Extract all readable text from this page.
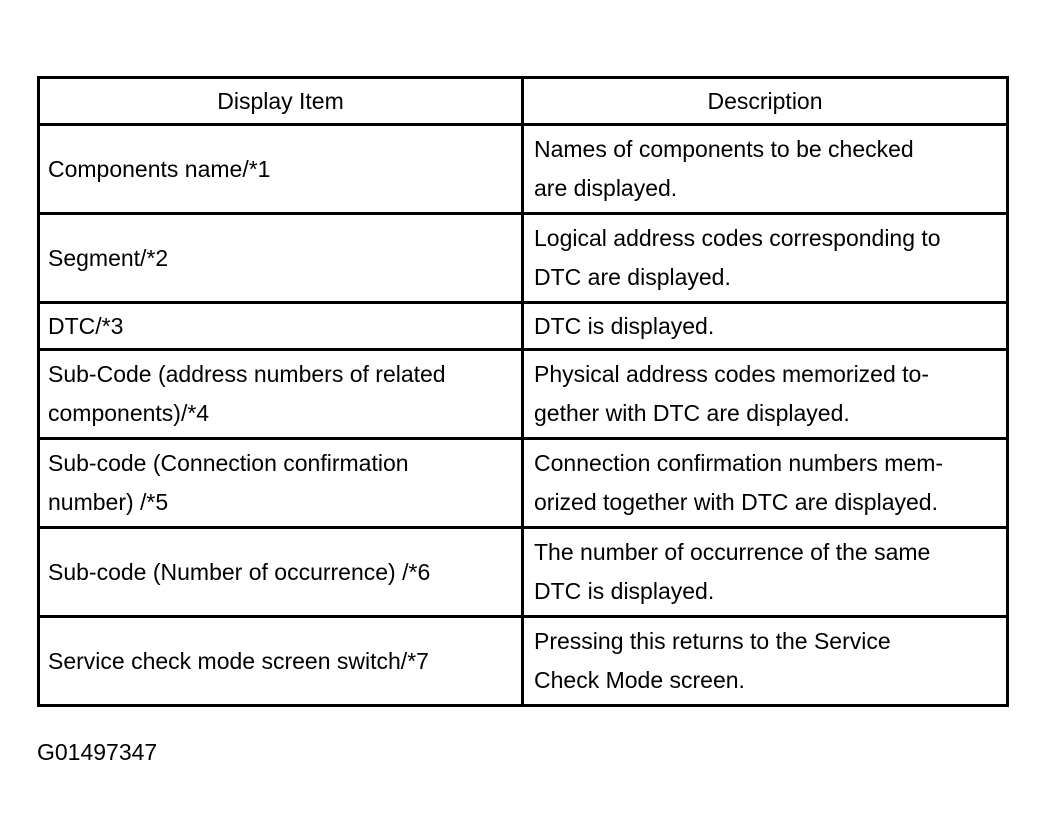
Display Item	Description
Components name/*1	Names of components to be checked
are displayed.
Segment/*2	Logical address codes corresponding to
DTC are displayed.
DTC/*3	DTC is displayed.
Sub-Code (address numbers of related
components)/*4	Physical address codes memorized to-
gether with DTC are displayed.
Sub-code (Connection confirmation
number) /*5	Connection confirmation numbers mem-
orized together with DTC are displayed.
Sub-code (Number of occurrence) /*6	The number of occurrence of the same
DTC is displayed.
Service check mode screen switch/*7	Pressing this returns to the Service
Check Mode screen.
G01497347
